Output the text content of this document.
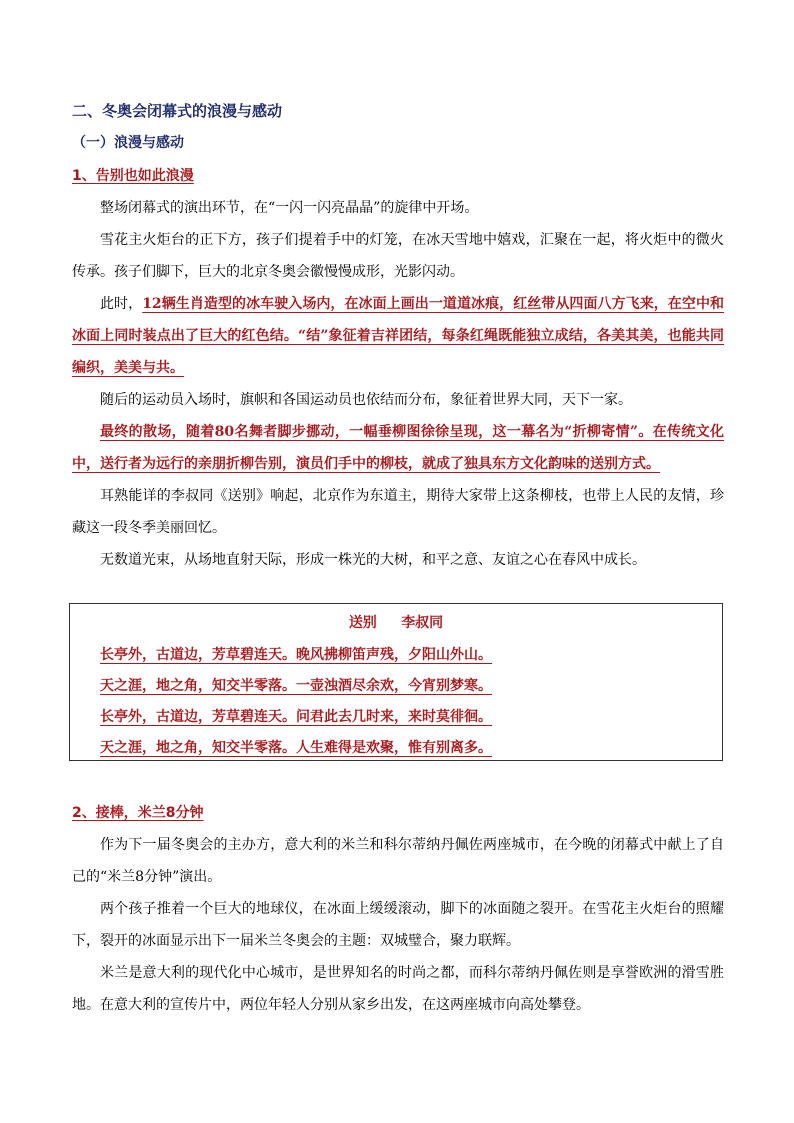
二、冬奥会闭幕式的浪漫与感动
（一）浪漫与感动
1、告别也如此浪漫

整场闭幕式的演出环节，在“一闪一闪亮晶晶”的旋律中开场。

雪花主火炬台的正下方，孩子们提着手中的灯笼，在冰天雪地中嬉戏，汇聚在一起，将火炬中的微火传承。孩子们脚下，巨大的北京冬奥会徽慢慢成形，光影闪动。

此时，12辆生肖造型的冰车驶入场内，在冰面上画出一道道冰痕，红丝带从四面八方飞来，在空中和冰面上同时装点出了巨大的红色结。“结”象征着吉祥团结，每条红绳既能独立成结，各美其美，也能共同编织，美美与共。

随后的运动员入场时，旗帜和各国运动员也依结而分布，象征着世界大同，天下一家。

最终的散场，随着80名舞者脚步挪动，一幅垂柳图徐徐呈现，这一幕名为“折柳寄情”。在传统文化中，送行者为远行的亲朋折柳告别，演员们手中的柳枝，就成了独具东方文化韵味的送别方式。

耳熟能详的李叔同《送别》响起，北京作为东道主，期待大家带上这条柳枝，也带上人民的友情，珍藏这一段冬季美丽回忆。

无数道光束，从场地直射天际，形成一株光的大树，和平之意、友谊之心在春风中成长。

送别 李叔同
长亭外，古道边，芳草碧连天。晚风拂柳笛声残，夕阳山外山。
天之涯，地之角，知交半零落。一壶浊酒尽余欢，今宵别梦寒。
长亭外，古道边，芳草碧连天。问君此去几时来，来时莫徘徊。
天之涯，地之角，知交半零落。人生难得是欢聚，惟有别离多。
2、接棒，米兰8分钟

作为下一届冬奥会的主办方，意大利的米兰和科尔蒂纳丹佩佐两座城市，在今晚的闭幕式中献上了自己的“米兰8分钟”演出。

两个孩子推着一个巨大的地球仪，在冰面上缓缓滚动，脚下的冰面随之裂开。在雪花主火炬台的照耀下，裂开的冰面显示出下一届米兰冬奥会的主题：双城璧合，聚力联辉。

米兰是意大利的现代化中心城市，是世界知名的时尚之都，而科尔蒂纳丹佩佐则是享誉欧洲的滑雪胜地。在意大利的宣传片中，两位年轻人分别从家乡出发，在这两座城市向高处攀登。
